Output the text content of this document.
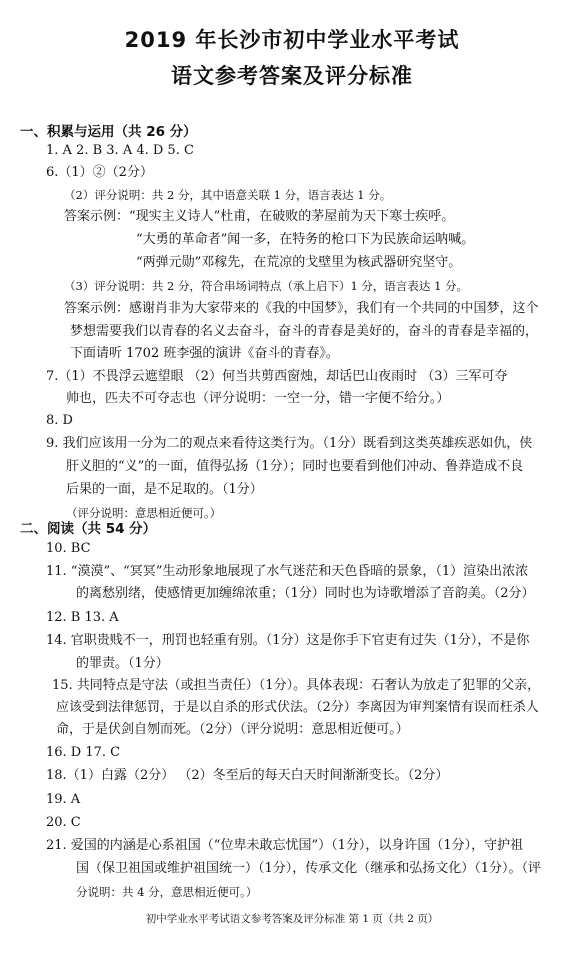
2019 年长沙市初中学业水平考试
语文参考答案及评分标准
一、积累与运用（共 26 分）
1. A 2. B 3. A 4. D 5. C
6.（1）②（2分）
（2）评分说明：共 2 分，其中语意关联 1 分，语言表达 1 分。
答案示例：“现实主义诗人”杜甫，在破败的茅屋前为天下寒士疾呼。
“大勇的革命者”闻一多，在特务的枪口下为民族命运呐喊。
“两弹元勋”邓稼先，在荒凉的戈壁里为核武器研究坚守。
（3）评分说明：共 2 分，符合串场词特点（承上启下）1 分，语言表达 1 分。
答案示例：感谢肖非为大家带来的《我的中国梦》，我们有一个共同的中国梦，这个
梦想需要我们以青春的名义去奋斗，奋斗的青春是美好的，奋斗的青春是幸福的，
下面请听 1702 班李强的演讲《奋斗的青春》。
7.（1）不畏浮云遮望眼 （2）何当共剪西窗烛，却话巴山夜雨时 （3）三军可夺
帅也，匹夫不可夺志也（评分说明：一空一分，错一字便不给分。）
8. D
9. 我们应该用一分为二的观点来看待这类行为。（1分）既看到这类英雄疾恶如仇，侠
肝义胆的“义”的一面，值得弘扬（1分）；同时也要看到他们冲动、鲁莽造成不良
后果的一面，是不足取的。（1分）
（评分说明：意思相近便可。）
二、阅读（共 54 分）
10. BC
11. “漠漠”、“冥冥”生动形象地展现了水气迷茫和天色昏暗的景象，（1）渲染出浓浓
的离愁别绪，使感情更加缠绵浓重；（1分）同时也为诗歌增添了音韵美。（2分）
12. B 13. A
14. 官职贵贱不一，刑罚也轻重有别。（1分）这是你手下官吏有过失（1分），不是你
的罪责。（1分）
15. 共同特点是守法（或担当责任）（1分）。具体表现：石奢认为放走了犯罪的父亲，
应该受到法律惩罚，于是以自杀的形式伏法。（2分）李离因为审判案情有误而枉杀人
命，于是伏剑自刎而死。（2分）（评分说明：意思相近便可。）
16. D 17. C
18.（1）白露（2分） （2）冬至后的每天白天时间渐渐变长。（2分）
19. A
20. C
21. 爱国的内涵是心系祖国（“位卑未敢忘忧国”）（1分），以身许国（1分），守护祖
国（保卫祖国或维护祖国统一）（1分），传承文化（继承和弘扬文化）（1分）。（评
分说明：共 4 分，意思相近便可。）
初中学业水平考试语文参考答案及评分标准 第 1 页（共 2 页）
